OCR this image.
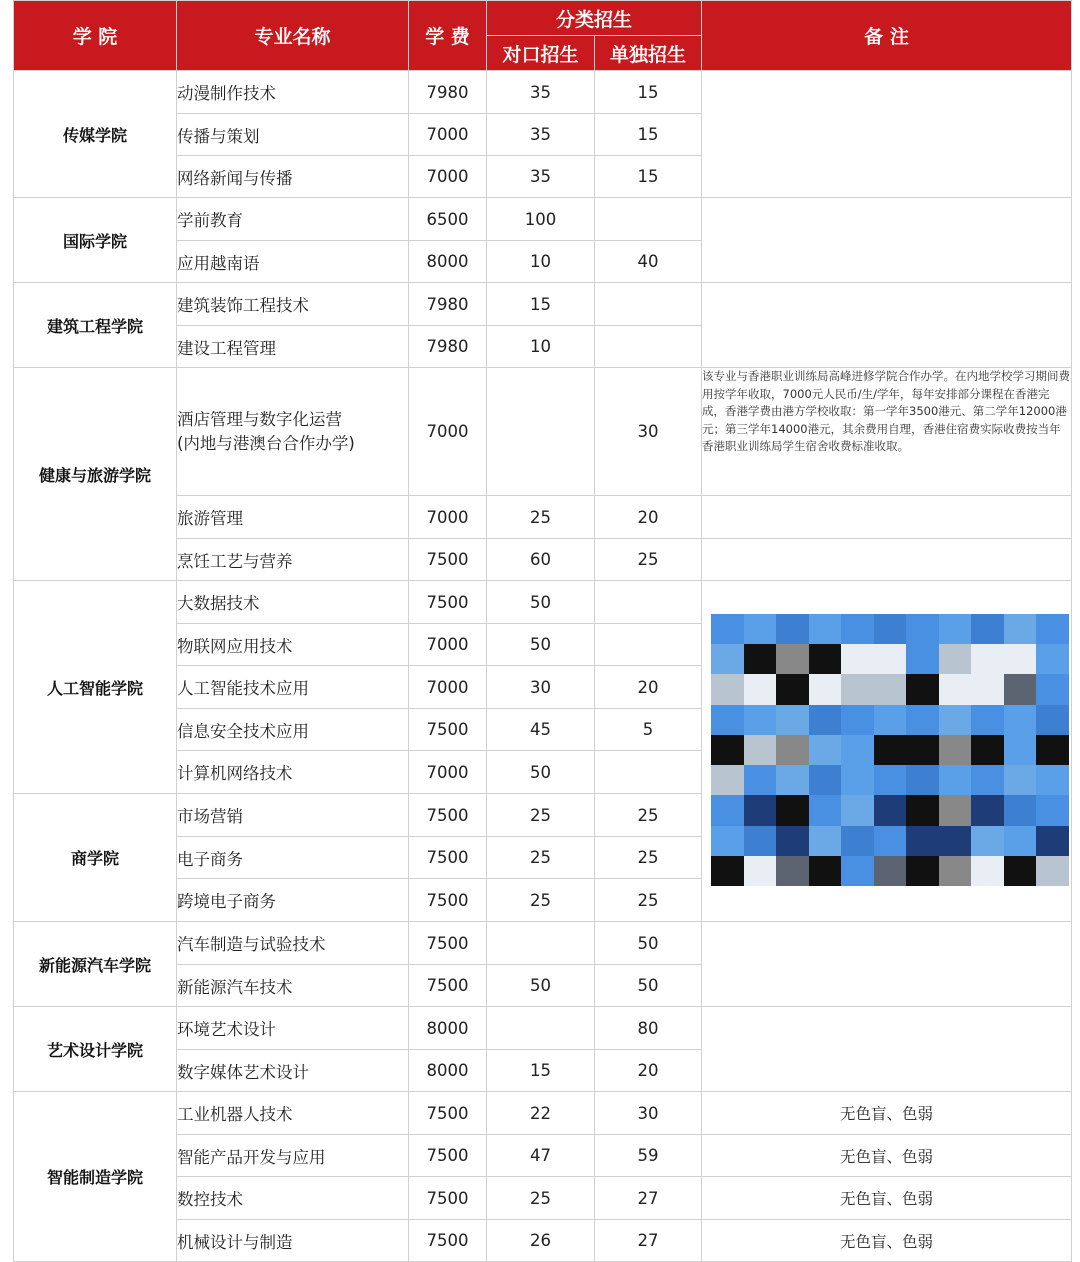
学 院	专业名称	学 费	分类招生		备 注
			对口招生	单独招生	
传媒学院	动漫制作技术	7980	35	15	
	传播与策划	7000	35	15	
	网络新闻与传播	7000	35	15	
国际学院	学前教育	6500	100		
	应用越南语	8000	10	40	
建筑工程学院	建筑装饰工程技术	7980	15		
	建设工程管理	7980	10		
健康与旅游学院	酒店管理与数字化运营
(内地与港澳台合作办学)	7000		30	该专业与香港职业训练局高峰进修学院合作办学。在内地学校学习期间费用按学年收取，7000元人民币/生/学年，每年安排部分课程在香港完成，香港学费由港方学校收取：第一学年3500港元、第二学年12000港元；第三学年14000港元，其余费用自理，香港住宿费实际收费按当年香港职业训练局学生宿舍收费标准收取。
	旅游管理	7000	25	20	
	烹饪工艺与营养	7500	60	25	
人工智能学院	大数据技术	7500	50		
	物联网应用技术	7000	50		
	人工智能技术应用	7000	30	20	
	信息安全技术应用	7500	45	5	
	计算机网络技术	7000	50		
商学院	市场营销	7500	25	25	
	电子商务	7500	25	25	
	跨境电子商务	7500	25	25	
新能源汽车学院	汽车制造与试验技术	7500		50	
	新能源汽车技术	7500	50	50	
艺术设计学院	环境艺术设计	8000		80	
	数字媒体艺术设计	8000	15	20	
智能制造学院	工业机器人技术	7500	22	30	无色盲、色弱
	智能产品开发与应用	7500	47	59	无色盲、色弱
	数控技术	7500	25	27	无色盲、色弱
	机械设计与制造	7500	26	27	无色盲、色弱
